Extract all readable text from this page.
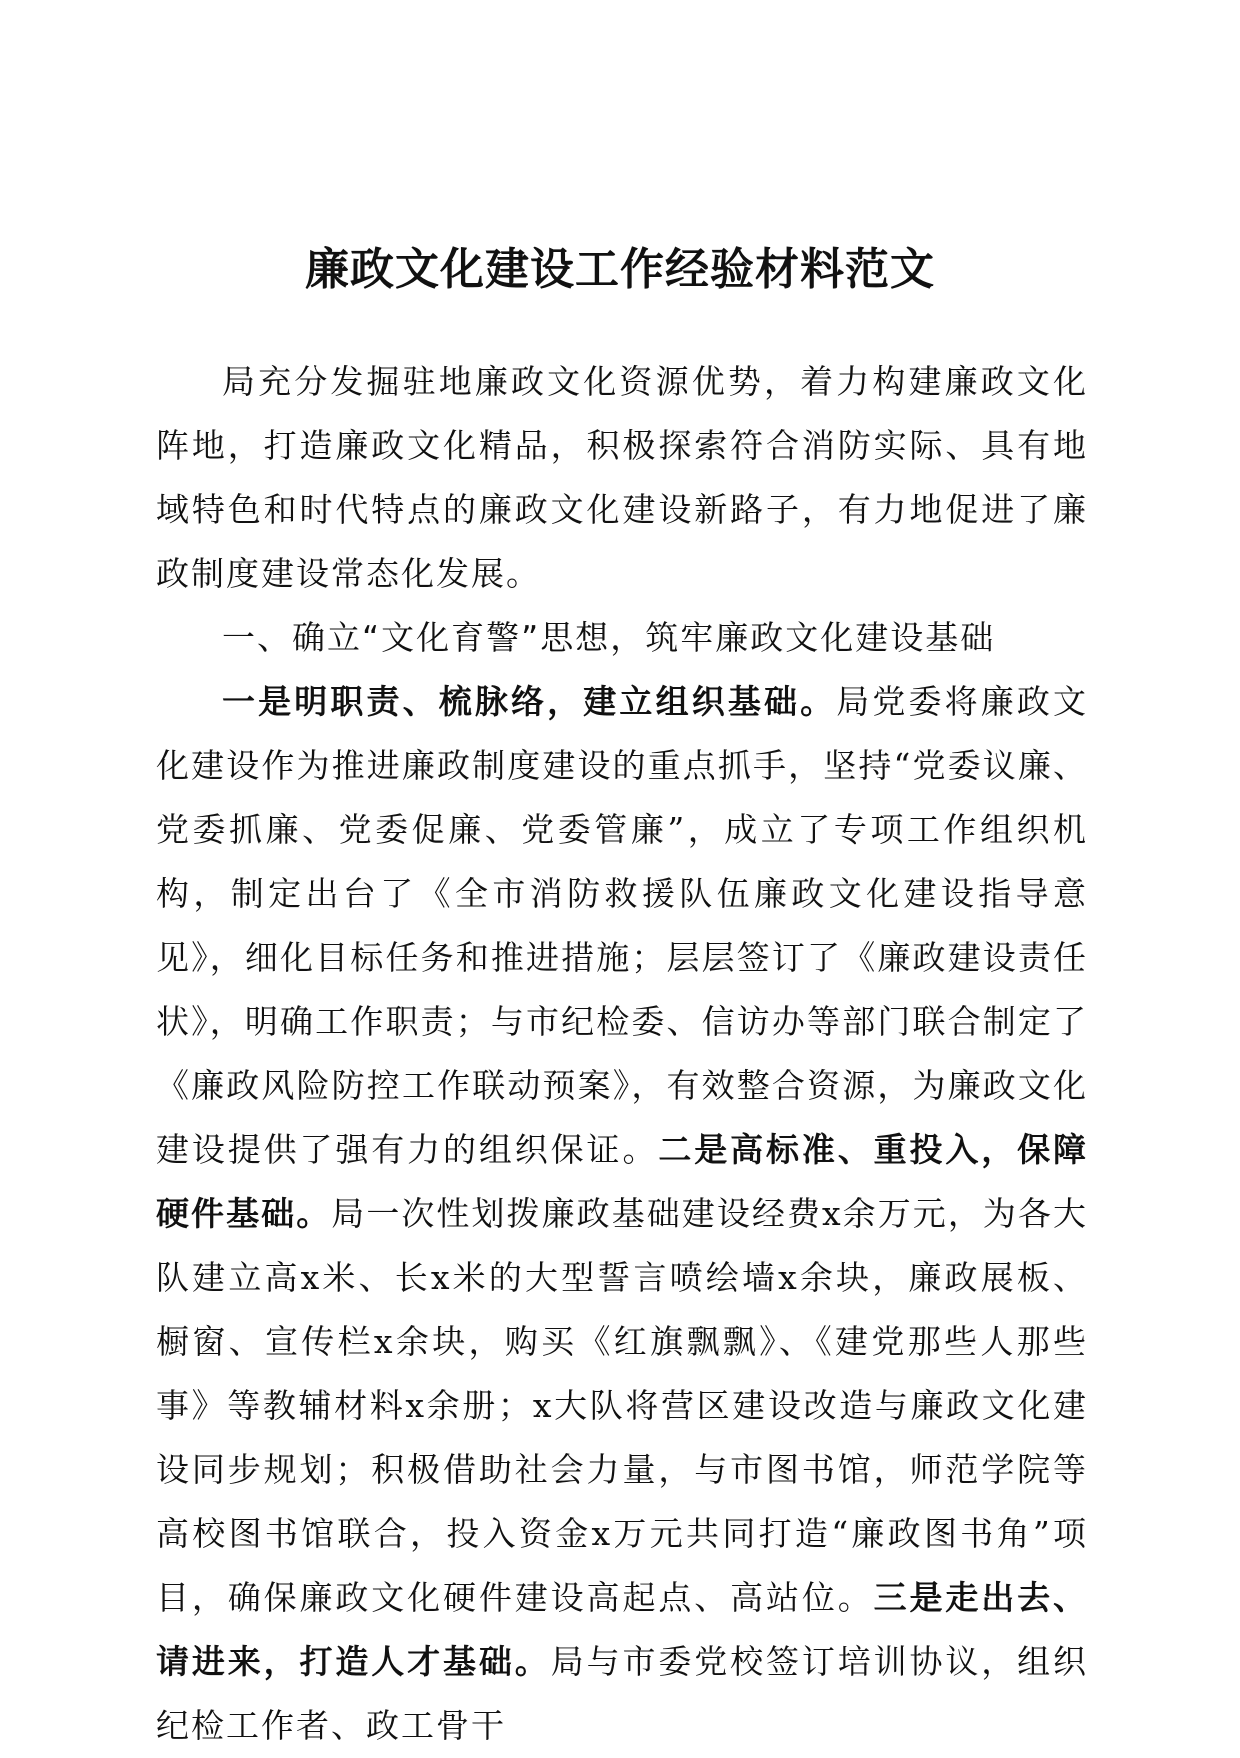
廉政文化建设工作经验材料范文

局充分发掘驻地廉政文化资源优势，着力构建廉政文化阵地，打造廉政文化精品，积极探索符合消防实际、具有地域特色和时代特点的廉政文化建设新路子，有力地促进了廉政制度建设常态化发展。

一、确立“文化育警”思想，筑牢廉政文化建设基础

一是明职责、梳脉络，建立组织基础。局党委将廉政文化建设作为推进廉政制度建设的重点抓手，坚持“党委议廉、党委抓廉、党委促廉、党委管廉”，成立了专项工作组织机构，制定出台了《全市消防救援队伍廉政文化建设指导意见》，细化目标任务和推进措施；层层签订了《廉政建设责任状》，明确工作职责；与市纪检委、信访办等部门联合制定了《廉政风险防控工作联动预案》，有效整合资源，为廉政文化建设提供了强有力的组织保证。二是高标准、重投入，保障硬件基础。局一次性划拨廉政基础建设经费x余万元，为各大队建立高x米、长x米的大型誓言喷绘墙x余块，廉政展板、橱窗、宣传栏x余块，购买《红旗飘飘》、《建党那些人那些事》等教辅材料x余册；x大队将营区建设改造与廉政文化建设同步规划；积极借助社会力量，与市图书馆，师范学院等高校图书馆联合，投入资金x万元共同打造“廉政图书角”项目，确保廉政文化硬件建设高起点、高站位。三是走出去、请进来，打造人才基础。局与市委党校签订培训协议，组织纪检工作者、政工骨干
